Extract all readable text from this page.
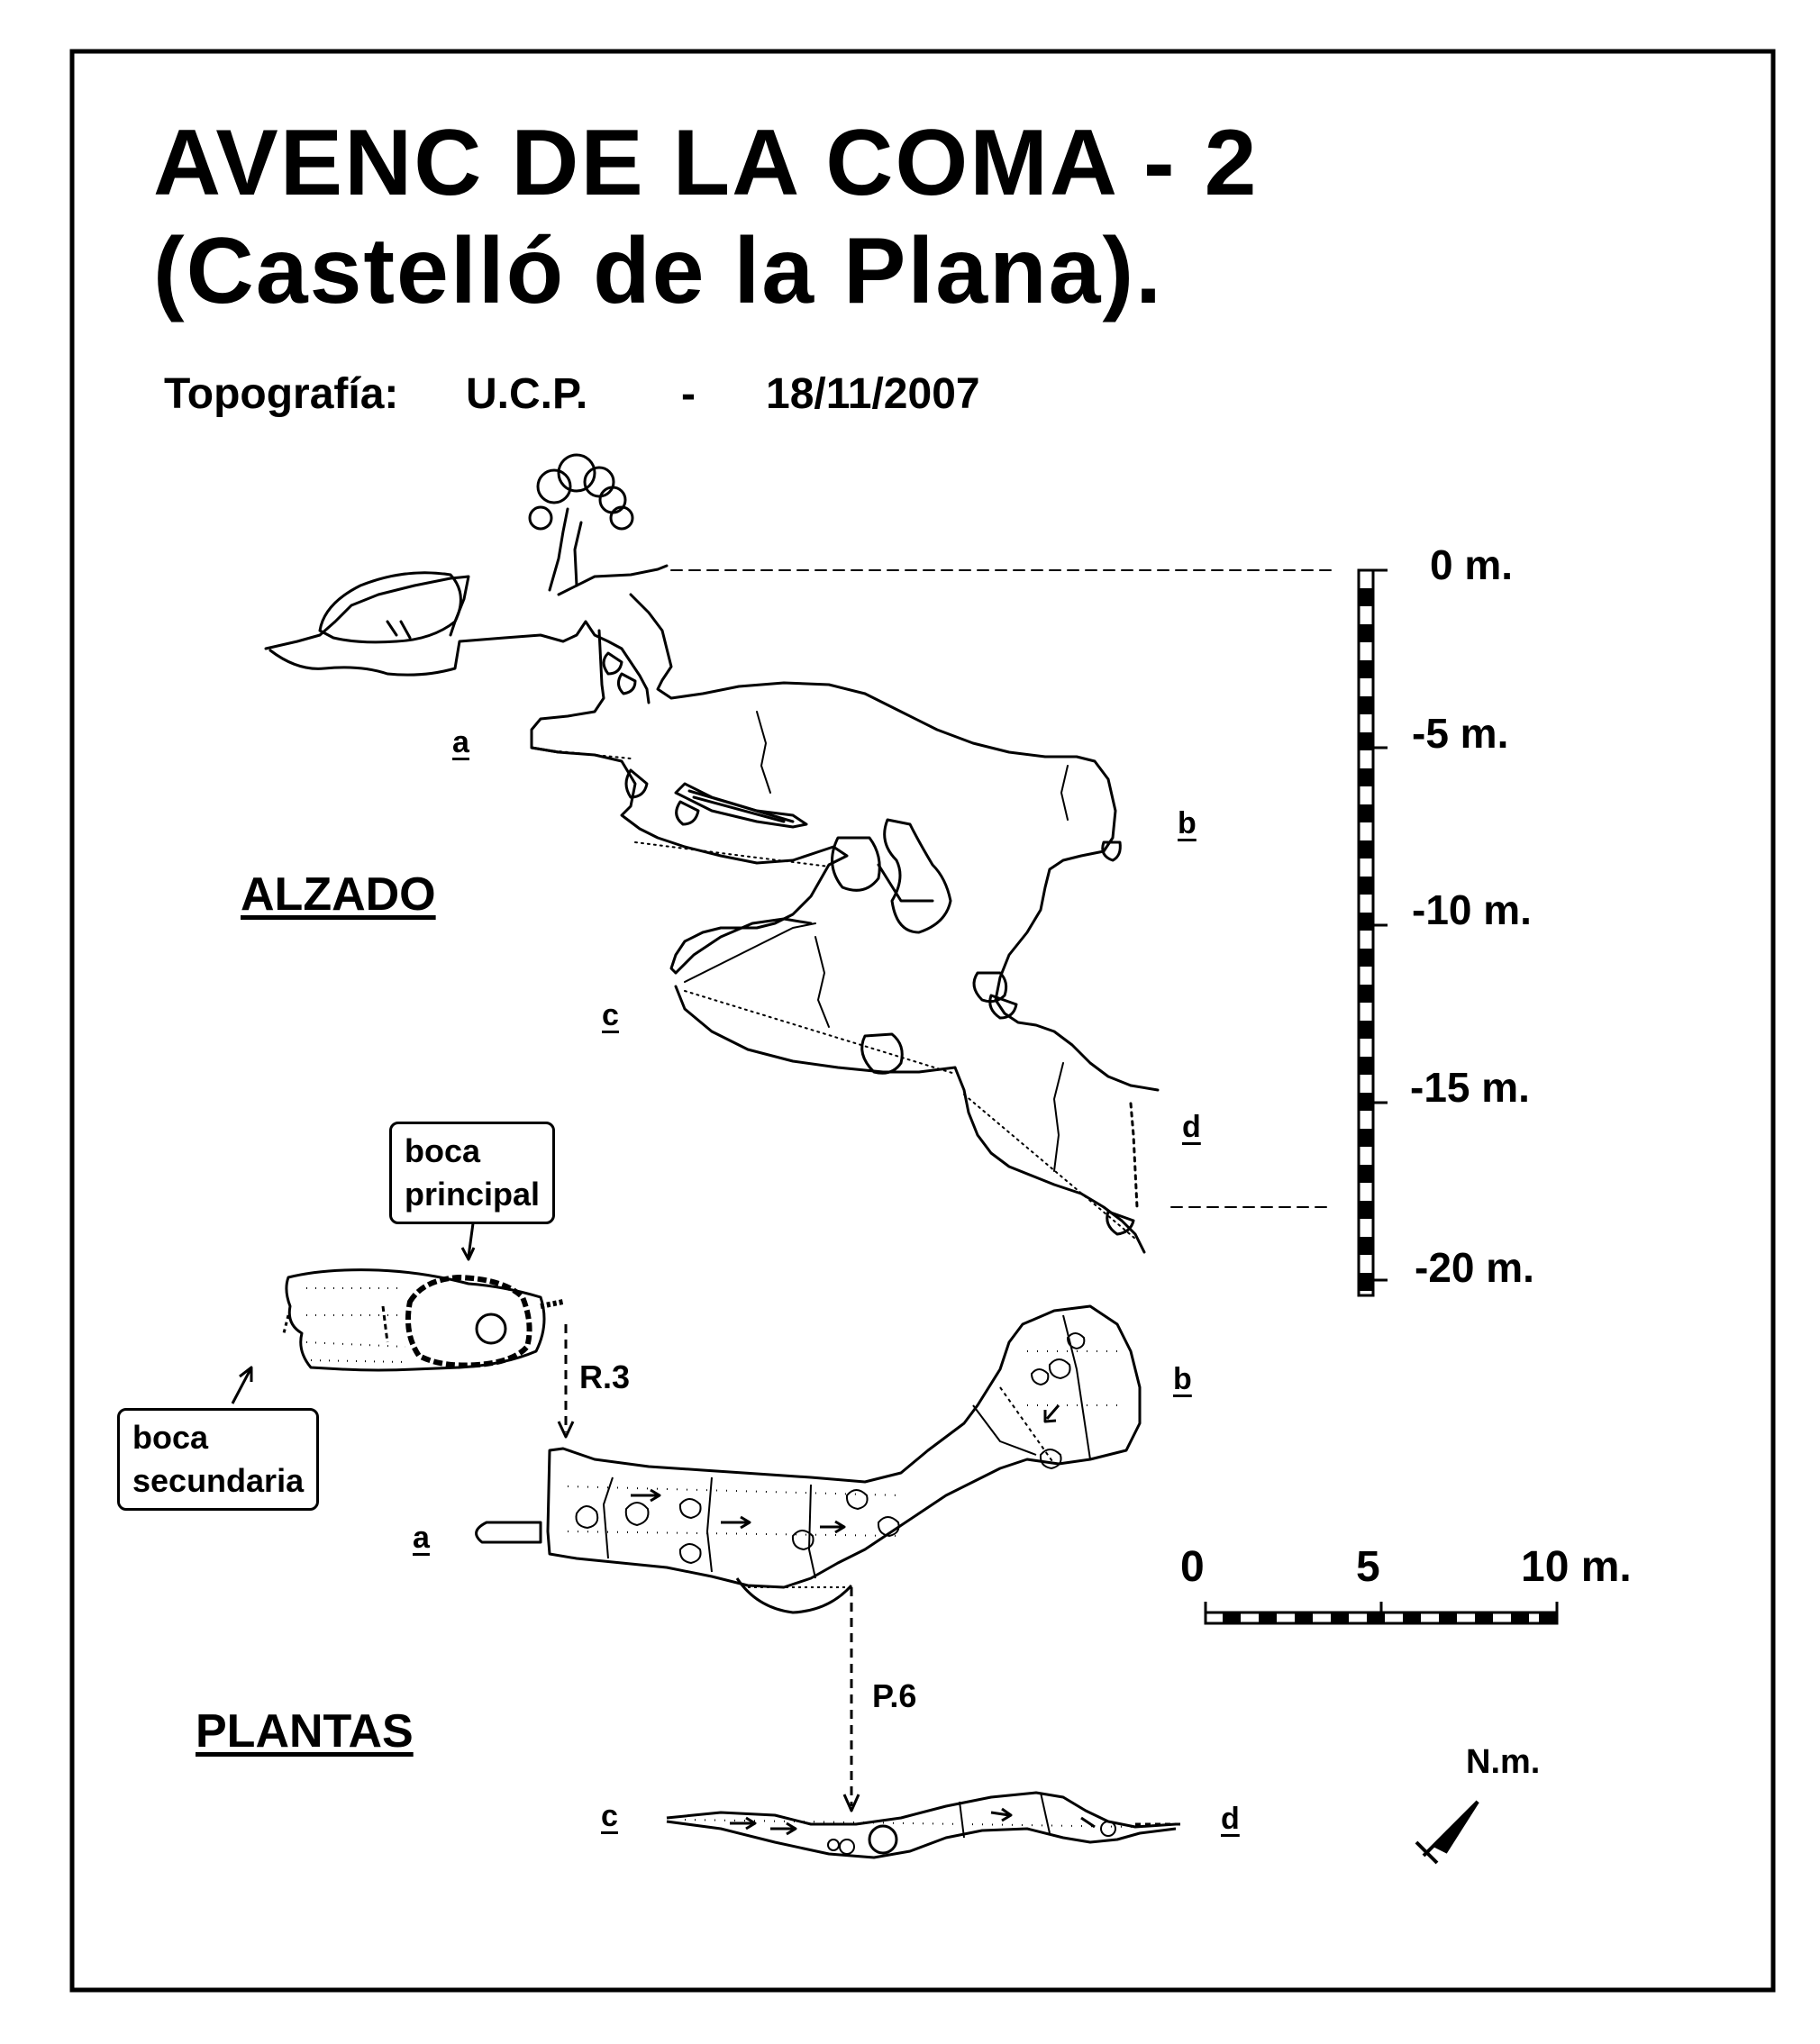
AVENC DE LA COMA - 2
(Castelló de la Plana).
Topografía: U.C.P. - 18/11/2007
ALZADO
PLANTAS
a
b
c
d
a
b
c	d
boca
principal
boca
secundaria
R.3
P.6
0 m.
-5 m.
-10 m.
-15 m.
-20 m.
0	5	10 m.
N.m.
